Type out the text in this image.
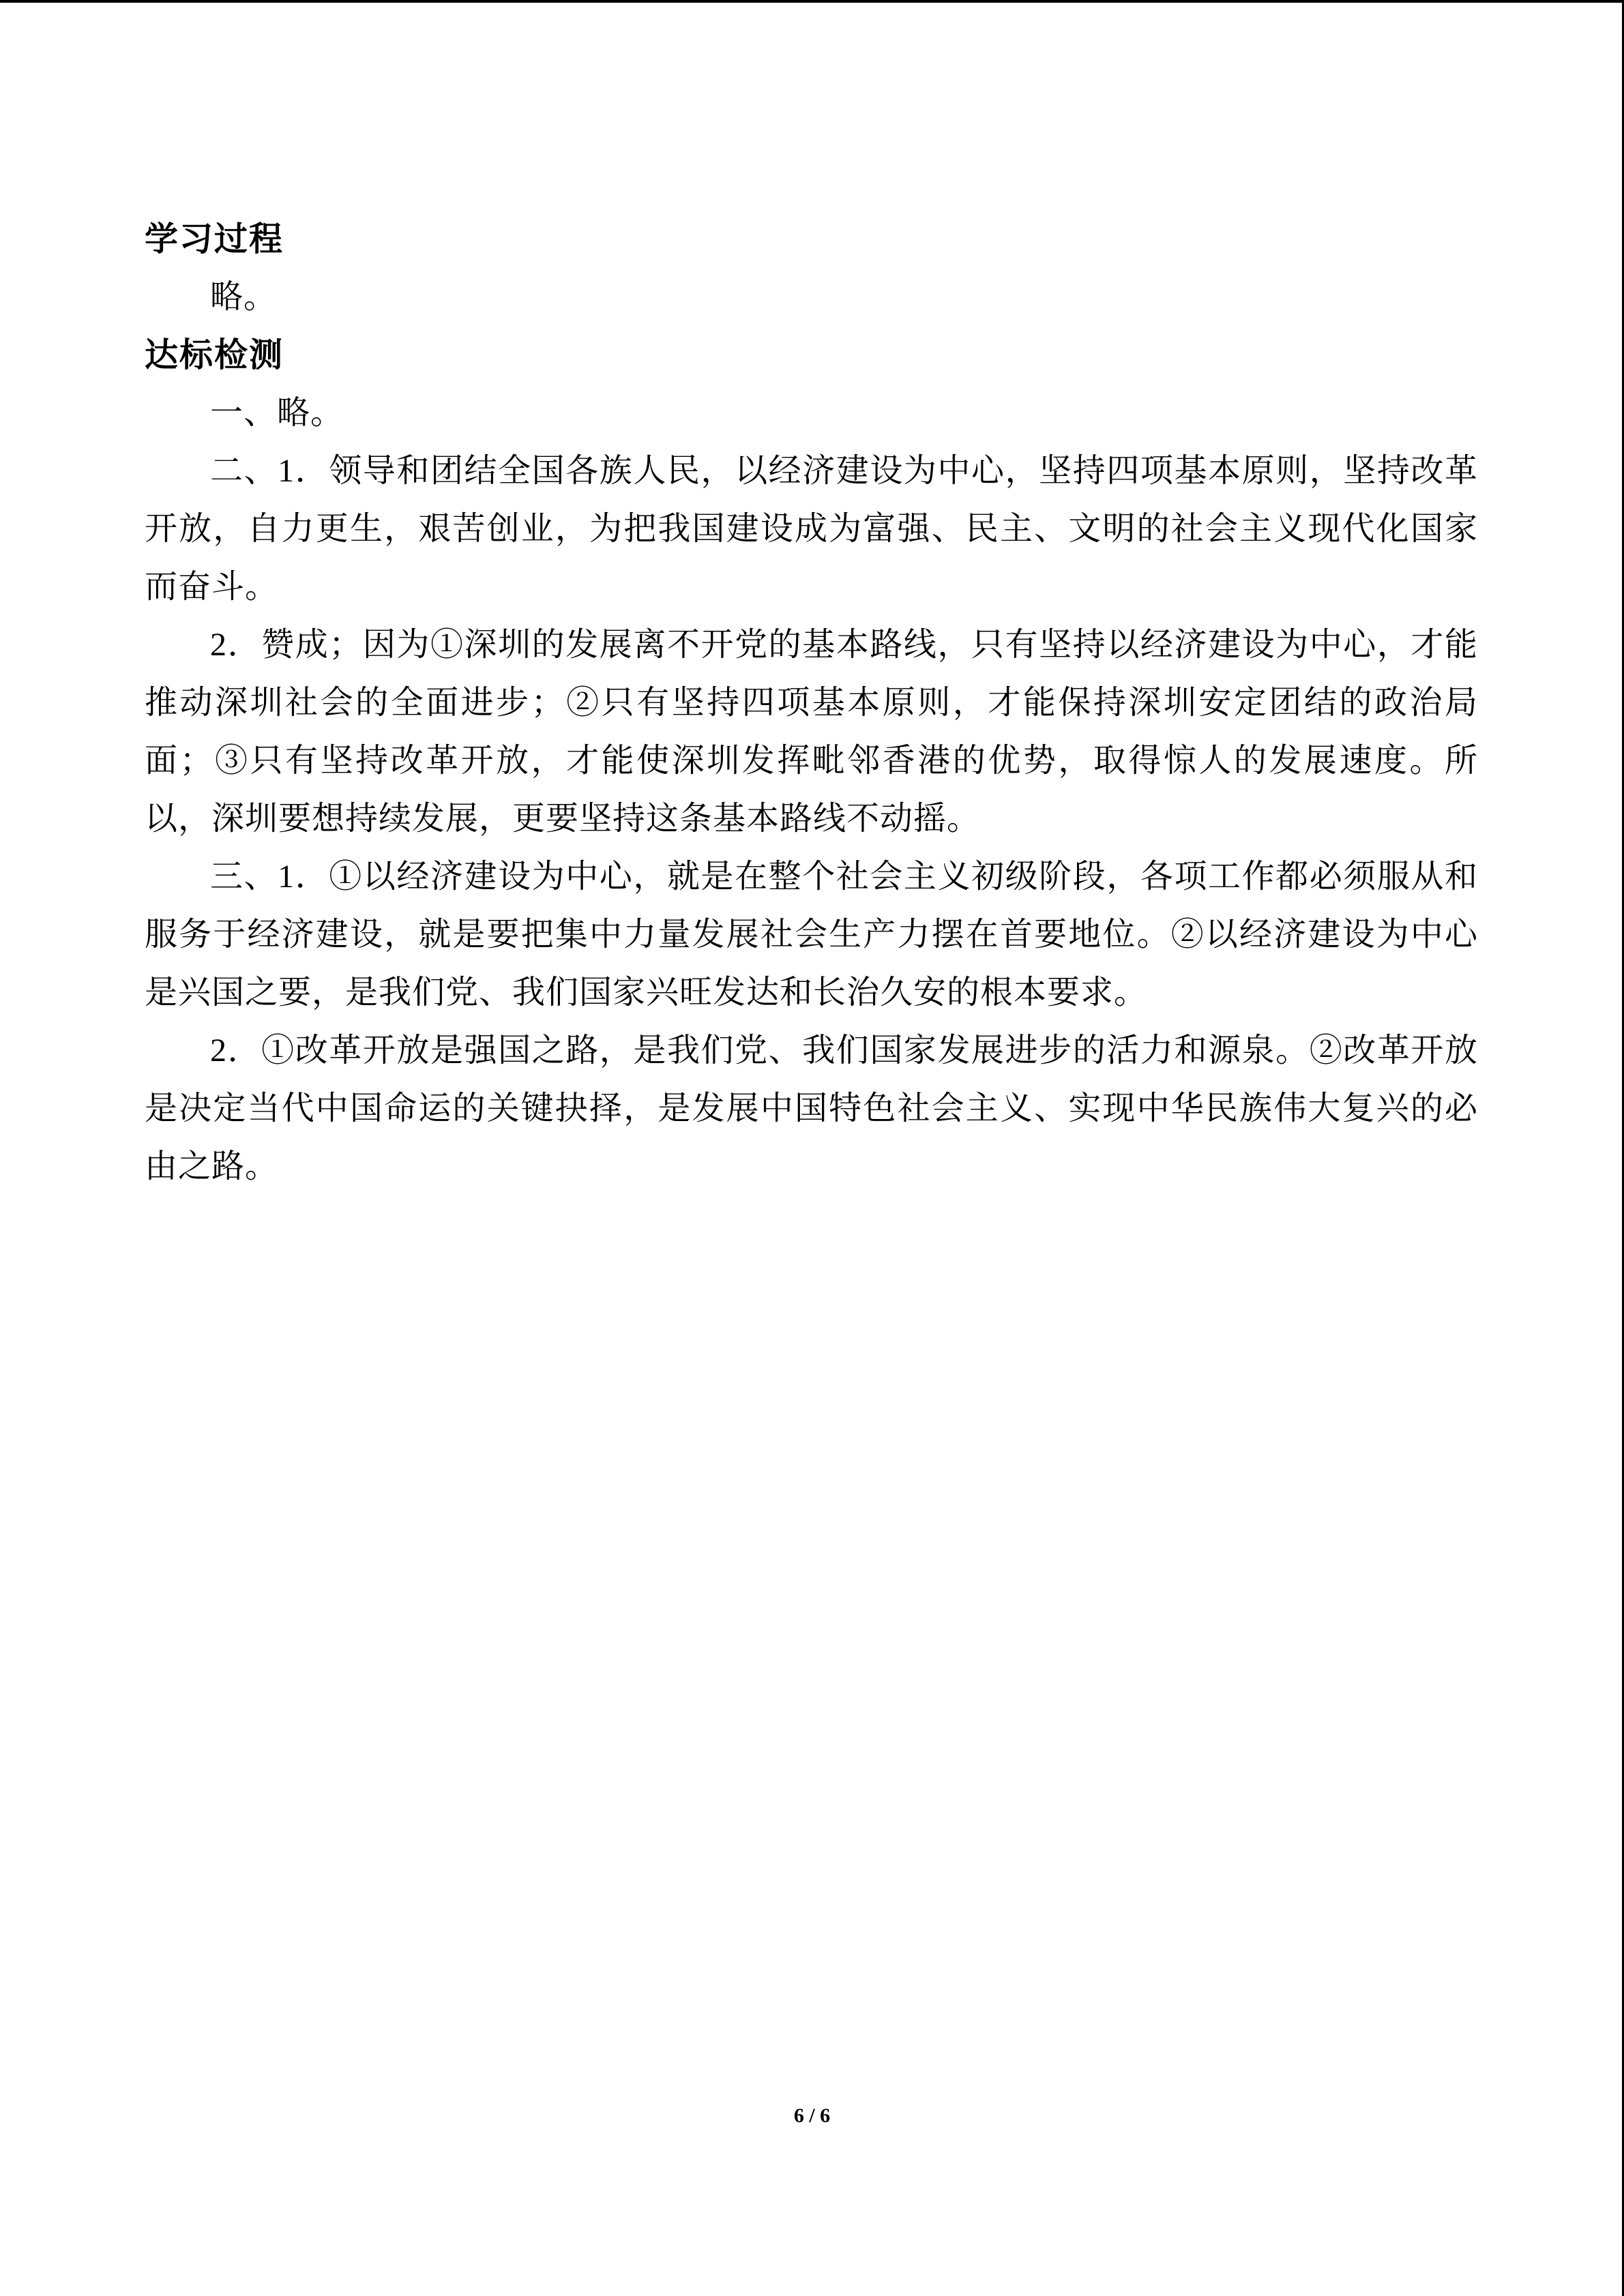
学习过程

略。

达标检测

一、略。

二、1．领导和团结全国各族人民，以经济建设为中心，坚持四项基本原则，坚持改革开放，自力更生，艰苦创业，为把我国建设成为富强、民主、文明的社会主义现代化国家而奋斗。

2．赞成；因为①深圳的发展离不开党的基本路线，只有坚持以经济建设为中心，才能推动深圳社会的全面进步；②只有坚持四项基本原则，才能保持深圳安定团结的政治局面；③只有坚持改革开放，才能使深圳发挥毗邻香港的优势，取得惊人的发展速度。所以，深圳要想持续发展，更要坚持这条基本路线不动摇。

三、1．①以经济建设为中心，就是在整个社会主义初级阶段，各项工作都必须服从和服务于经济建设，就是要把集中力量发展社会生产力摆在首要地位。②以经济建设为中心是兴国之要，是我们党、我们国家兴旺发达和长治久安的根本要求。

2．①改革开放是强国之路，是我们党、我们国家发展进步的活力和源泉。②改革开放是决定当代中国命运的关键抉择，是发展中国特色社会主义、实现中华民族伟大复兴的必由之路。

6 / 6
